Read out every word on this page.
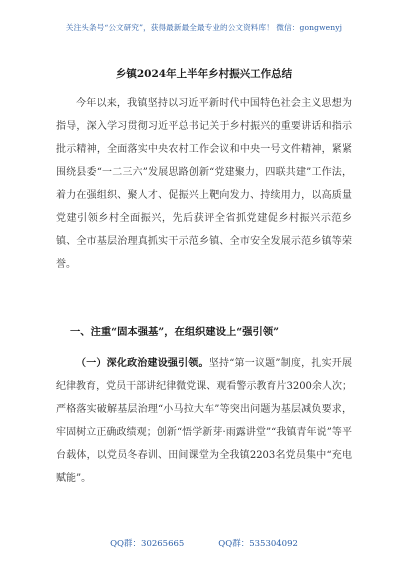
关注头条号“公文研究”，获得最新最全最专业的公文资料库！ 微信：gongwenyj
乡镇2024年上半年乡村振兴工作总结

今年以来，我镇坚持以习近平新时代中国特色社会主义思想为指导，深入学习贯彻习近平总书记关于乡村振兴的重要讲话和指示批示精神，全面落实中央农村工作会议和中央一号文件精神，紧紧围绕县委“一二三六”发展思路创新“党建聚力，四联共建”工作法，着力在强组织、聚人才、促振兴上靶向发力、持续用力，以高质量党建引领乡村全面振兴，先后获评全省抓党建促乡村振兴示范乡镇、全市基层治理真抓实干示范乡镇、全市安全发展示范乡镇等荣誉。

一、注重“固本强基”，在组织建设上“强引领”

（一）深化政治建设强引领。坚持“第一议题”制度，扎实开展纪律教育，党员干部讲纪律微党课、观看警示教育片3200余人次；严格落实破解基层治理“小马拉大车”等突出问题为基层减负要求，牢固树立正确政绩观；创新“悟学新芽·雨露讲堂”“我镇青年说”等平台载体，以党员冬春训、田间课堂为全我镇2203名党员集中“充电赋能”。

QQ群：30265665	QQ群：535304092
